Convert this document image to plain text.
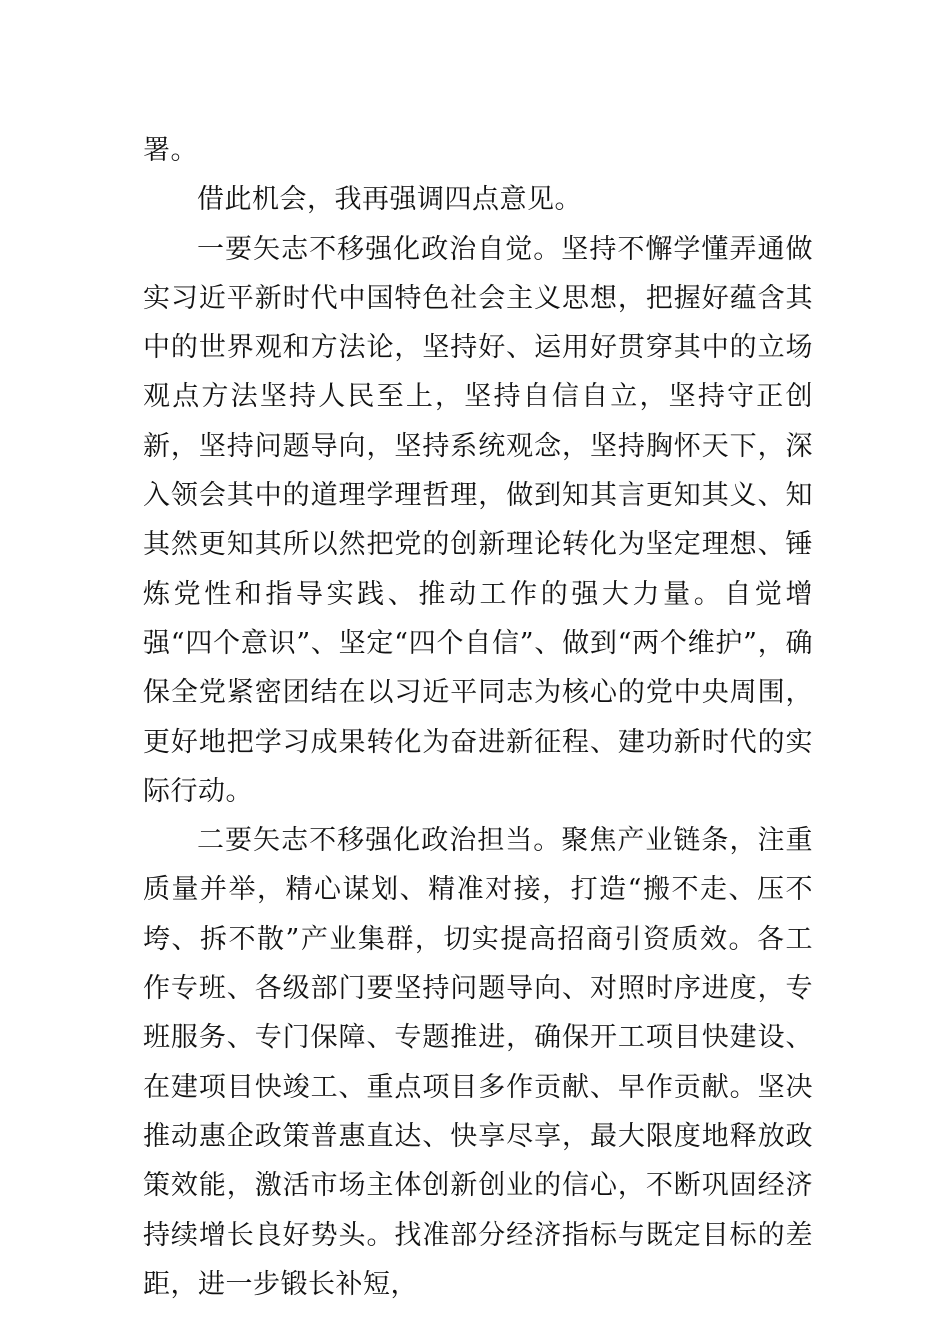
署。

借此机会，我再强调四点意见。

一要矢志不移强化政治自觉。坚持不懈学懂弄通做实习近平新时代中国特色社会主义思想，把握好蕴含其中的世界观和方法论，坚持好、运用好贯穿其中的立场观点方法坚持人民至上，坚持自信自立，坚持守正创新，坚持问题导向，坚持系统观念，坚持胸怀天下，深入领会其中的道理学理哲理，做到知其言更知其义、知其然更知其所以然把党的创新理论转化为坚定理想、锤炼党性和指导实践、推动工作的强大力量。自觉增强“四个意识”、坚定“四个自信”、做到“两个维护”，确保全党紧密团结在以习近平同志为核心的党中央周围，更好地把学习成果转化为奋进新征程、建功新时代的实际行动。

二要矢志不移强化政治担当。聚焦产业链条，注重质量并举，精心谋划、精准对接，打造“搬不走、压不垮、拆不散”产业集群，切实提高招商引资质效。各工作专班、各级部门要坚持问题导向、对照时序进度，专班服务、专门保障、专题推进，确保开工项目快建设、在建项目快竣工、重点项目多作贡献、早作贡献。坚决推动惠企政策普惠直达、快享尽享，最大限度地释放政策效能，激活市场主体创新创业的信心，不断巩固经济持续增长良好势头。找准部分经济指标与既定目标的差距，进一步锻长补短，
